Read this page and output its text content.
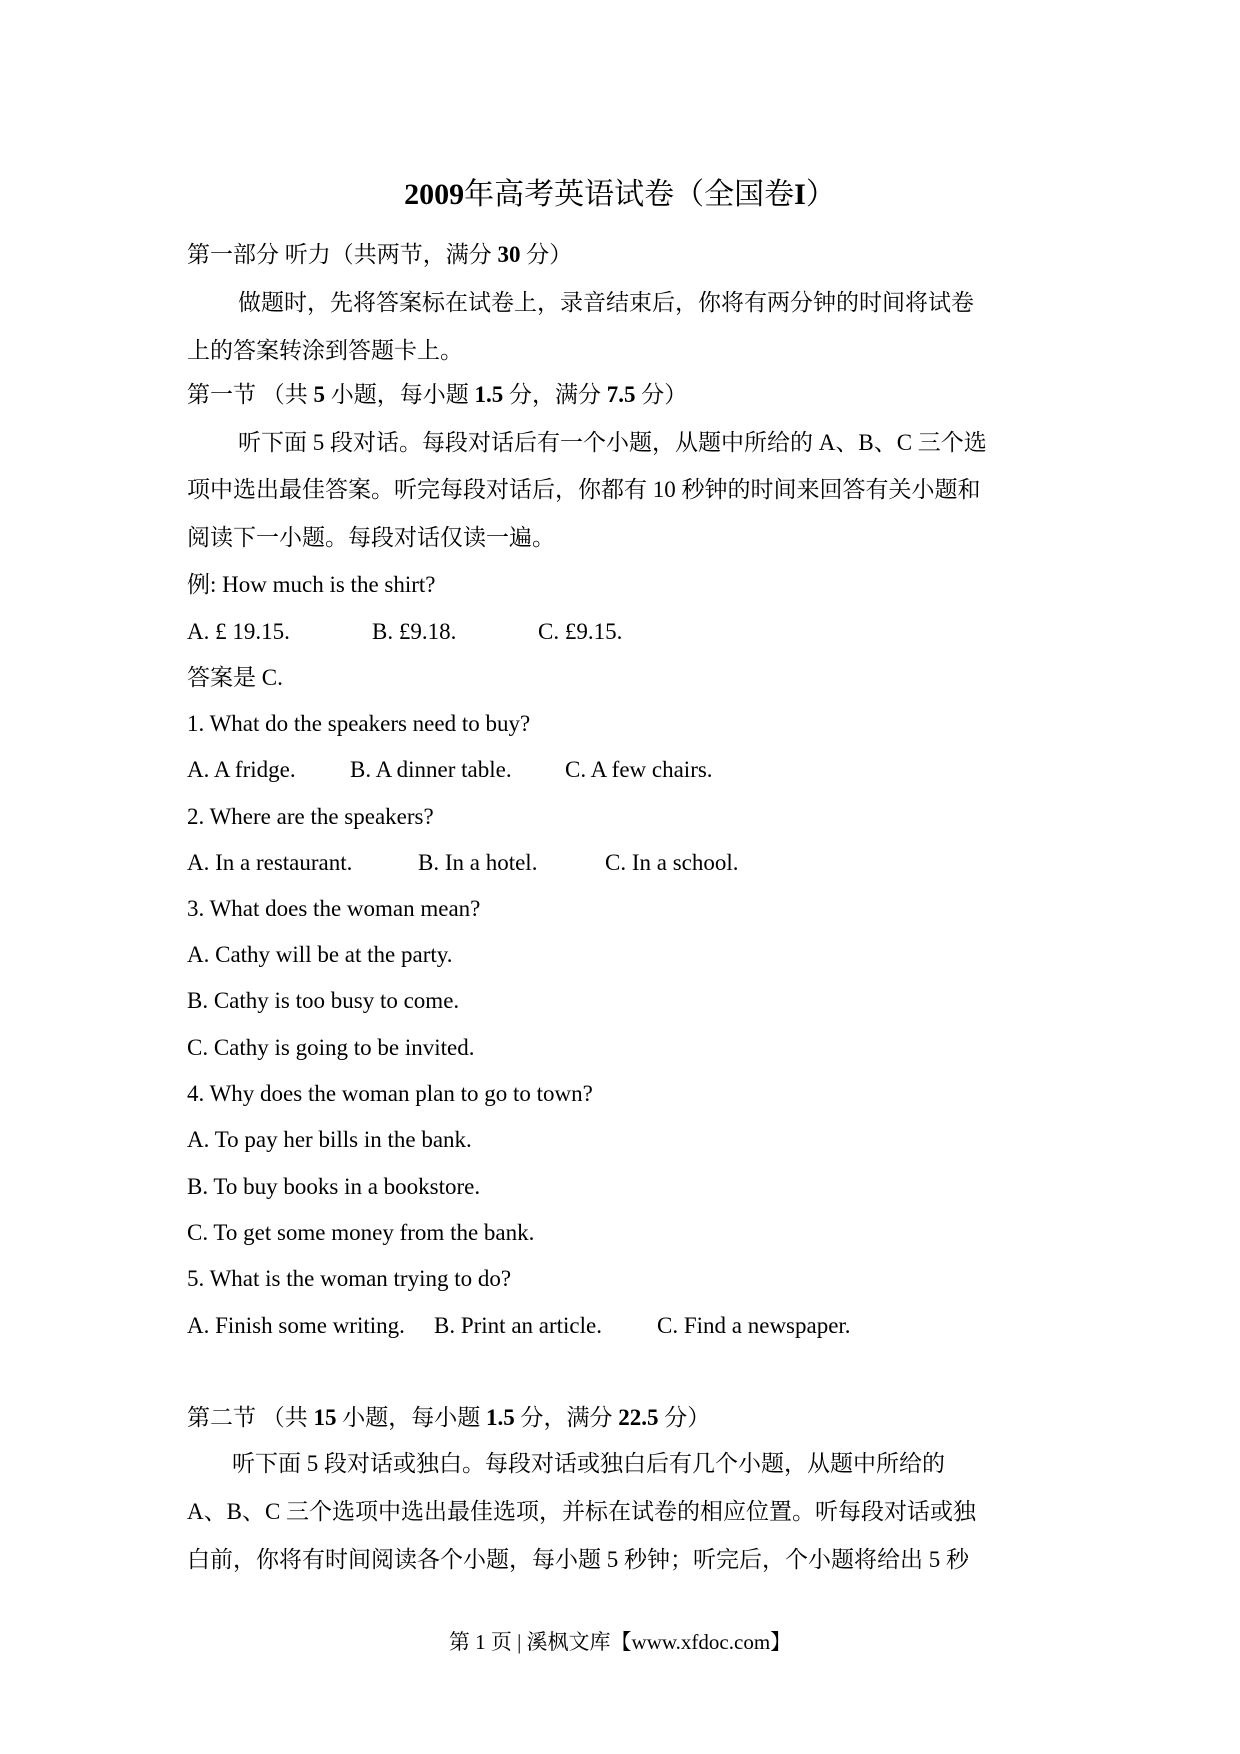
2009年高考英语试卷（全国卷I）
第一部分 听力（共两节，满分 30 分）
做题时，先将答案标在试卷上，录音结束后，你将有两分钟的时间将试卷
上的答案转涂到答题卡上。
第一节 （共 5 小题，每小题 1.5 分，满分 7.5 分）
听下面 5 段对话。每段对话后有一个小题，从题中所给的 A、B、C 三个选
项中选出最佳答案。听完每段对话后，你都有 10 秒钟的时间来回答有关小题和
阅读下一小题。每段对话仅读一遍。
例: How much is the shirt?
A. £ 19.15.	B. £9.18.	C. £9.15.
答案是 C.
1. What do the speakers need to buy?
A. A fridge. B. A dinner table. C. A few chairs.
2. Where are the speakers?
A. In a restaurant.	B. In a hotel.	C. In a school.
3. What does the woman mean?
A. Cathy will be at the party.
B. Cathy is too busy to come.
C. Cathy is going to be invited.
4. Why does the woman plan to go to town?
A. To pay her bills in the bank.
B. To buy books in a bookstore.
C. To get some money from the bank.
5. What is the woman trying to do?
A. Finish some writing. B. Print an article. C. Find a newspaper.
第二节 （共 15 小题，每小题 1.5 分，满分 22.5 分）
听下面 5 段对话或独白。每段对话或独白后有几个小题，从题中所给的
A、B、C 三个选项中选出最佳选项，并标在试卷的相应位置。听每段对话或独
白前，你将有时间阅读各个小题，每小题 5 秒钟；听完后，个小题将给出 5 秒
第 1 页 | 溪枫文库【www.xfdoc.com】
